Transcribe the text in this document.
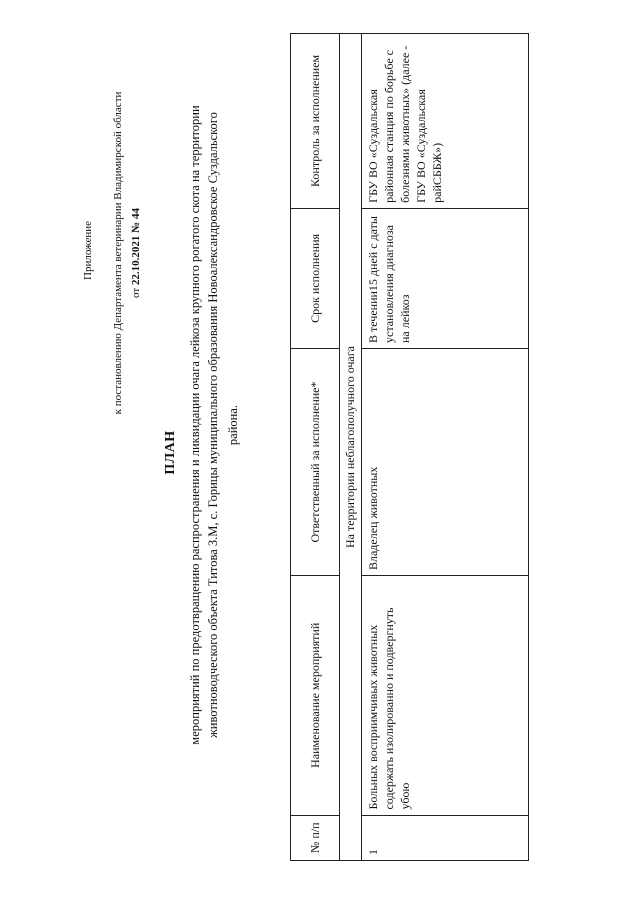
Приложение к постановлению Департамента ветеринарии Владимирской области от 22.10.2021 № 44
ПЛАН мероприятий по предотвращению распространения и ликвидации очага лейкоза крупного рогатого скота на территории животноводческого объекта Титова З.М, с. Горицы муниципального образования Новоалександровское Суздальского района.
№ п/п	Наименование мероприятий	Ответственный за исполнение*	Срок исполнения	Контроль за исполнением
На территории неблагополучного очага				
1	Больных восприимчивых животных содержать изолированно и подвергнуть убою	Владелец животных	В течении15 дней с даты установления диагноза на лейкоз	ГБУ ВО «Суздальская районная станция по борьбе с болезнями животных» (далее - ГБУ ВО «Суздальская райСББЖ»)
